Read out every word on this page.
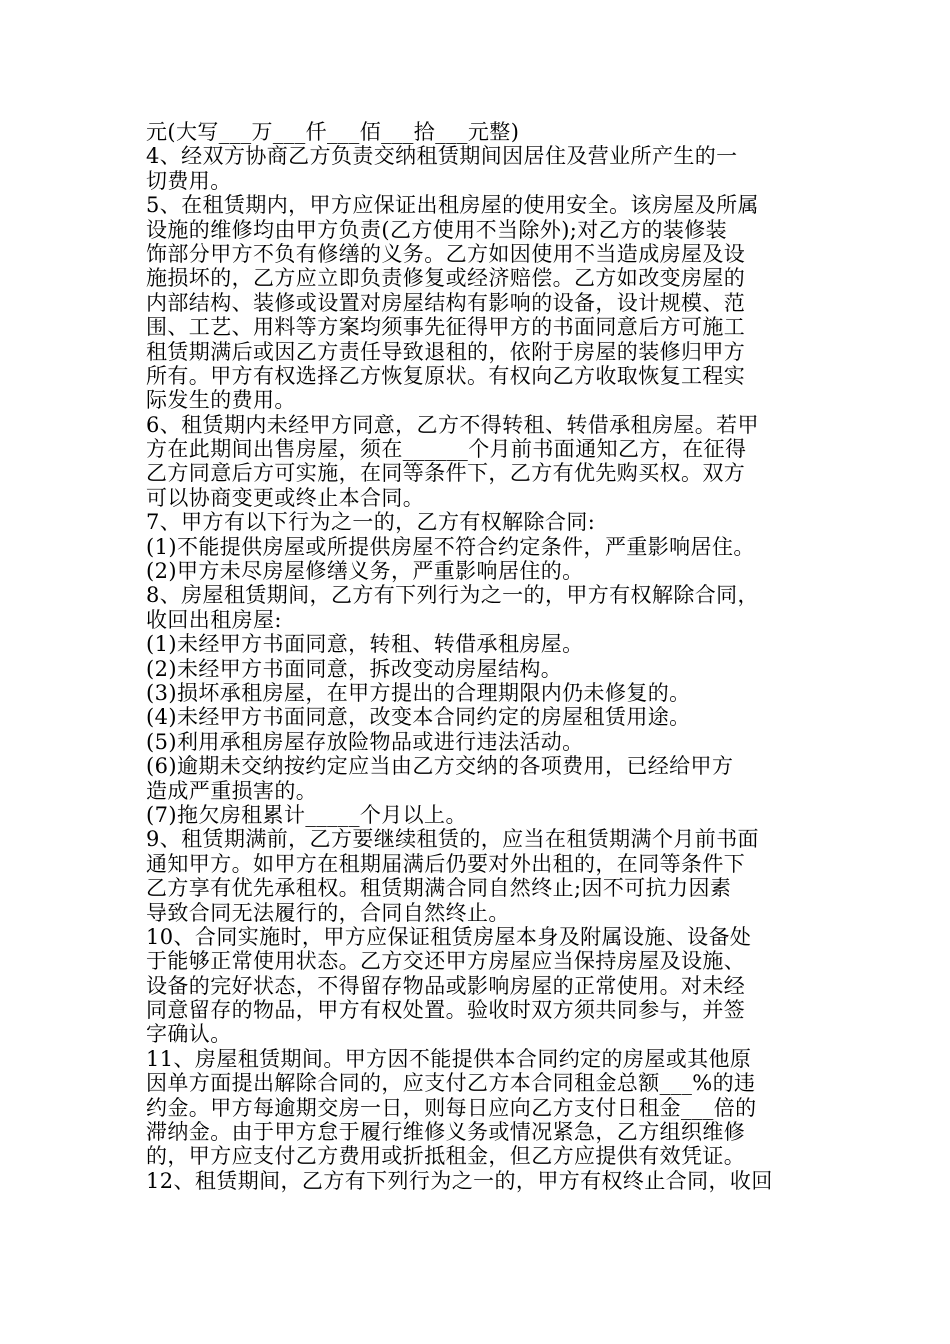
元(大写___万___仟___佰___拾___元整)
4、经双方协商乙方负责交纳租赁期间因居住及营业所产生的一
切费用。
5、在租赁期内，甲方应保证出租房屋的使用安全。该房屋及所属
设施的维修均由甲方负责(乙方使用不当除外);对乙方的装修装
饰部分甲方不负有修缮的义务。乙方如因使用不当造成房屋及设
施损坏的，乙方应立即负责修复或经济赔偿。乙方如改变房屋的
内部结构、装修或设置对房屋结构有影响的设备，设计规模、范
围、工艺、用料等方案均须事先征得甲方的书面同意后方可施工
租赁期满后或因乙方责任导致退租的，依附于房屋的装修归甲方
所有。甲方有权选择乙方恢复原状。有权向乙方收取恢复工程实
际发生的费用。
6、租赁期内未经甲方同意，乙方不得转租、转借承租房屋。若甲
方在此期间出售房屋，须在______个月前书面通知乙方，在征得
乙方同意后方可实施，在同等条件下，乙方有优先购买权。双方
可以协商变更或终止本合同。
7、甲方有以下行为之一的，乙方有权解除合同:
(1)不能提供房屋或所提供房屋不符合约定条件，严重影响居住。
(2)甲方未尽房屋修缮义务，严重影响居住的。
8、房屋租赁期间，乙方有下列行为之一的，甲方有权解除合同，
收回出租房屋:
(1)未经甲方书面同意，转租、转借承租房屋。
(2)未经甲方书面同意，拆改变动房屋结构。
(3)损坏承租房屋，在甲方提出的合理期限内仍未修复的。
(4)未经甲方书面同意，改变本合同约定的房屋租赁用途。
(5)利用承租房屋存放险物品或进行违法活动。
(6)逾期未交纳按约定应当由乙方交纳的各项费用，已经给甲方
造成严重损害的。
(7)拖欠房租累计_____个月以上。
9、租赁期满前，乙方要继续租赁的，应当在租赁期满个月前书面
通知甲方。如甲方在租期届满后仍要对外出租的，在同等条件下
乙方享有优先承租权。租赁期满合同自然终止;因不可抗力因素
导致合同无法履行的，合同自然终止。
10、合同实施时，甲方应保证租赁房屋本身及附属设施、设备处
于能够正常使用状态。乙方交还甲方房屋应当保持房屋及设施、
设备的完好状态，不得留存物品或影响房屋的正常使用。对未经
同意留存的物品，甲方有权处置。验收时双方须共同参与，并签
字确认。
11、房屋租赁期间。甲方因不能提供本合同约定的房屋或其他原
因单方面提出解除合同的，应支付乙方本合同租金总额___%的违
约金。甲方每逾期交房一日，则每日应向乙方支付日租金___倍的
滞纳金。由于甲方怠于履行维修义务或情况紧急，乙方组织维修
的，甲方应支付乙方费用或折抵租金，但乙方应提供有效凭证。
12、租赁期间，乙方有下列行为之一的，甲方有权终止合同，收回
